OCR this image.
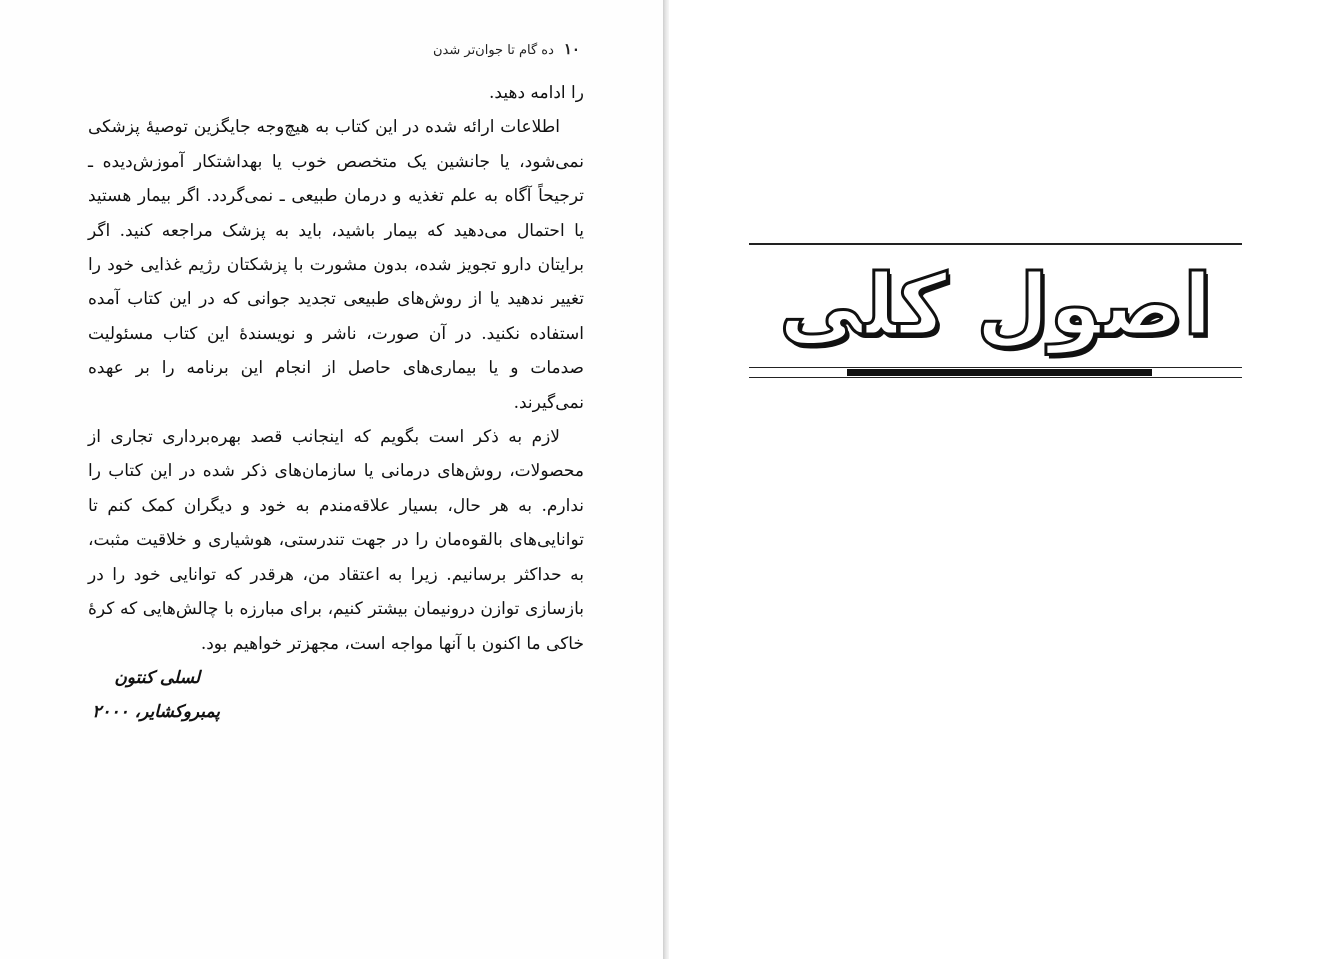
۱۰ده گام تا جوان‌تر شدن

را ادامه دهید.

اطلاعات ارائه شده در این کتاب به هیچ‌وجه جایگزین توصیهٔ پزشکی نمی‌شود، یا جانشین یک متخصص خوب یا بهداشتکار آموزش‌دیده ـ ترجیحاً آگاه به علم تغذیه و درمان طبیعی ـ نمی‌گردد. اگر بیمار هستید یا احتمال می‌دهید که بیمار باشید، باید به پزشک مراجعه کنید. اگر برایتان دارو تجویز شده، بدون مشورت با پزشکتان رژیم غذایی خود را تغییر ندهید یا از روش‌های طبیعی تجدید جوانی که در این کتاب آمده استفاده نکنید. در آن صورت، ناشر و نویسندهٔ این کتاب مسئولیت صدمات و یا بیماری‌های حاصل از انجام این برنامه را بر عهده نمی‌گیرند.

لازم به ذکر است بگویم که اینجانب قصد بهره‌برداری تجاری از محصولات، روش‌های درمانی یا سازمان‌های ذکر شده در این کتاب را ندارم. به هر حال، بسیار علاقه‌مندم به خود و دیگران کمک کنم تا توانایی‌های بالقوه‌مان را در جهت تندرستی، هوشیاری و خلاقیت مثبت، به حداکثر برسانیم. زیرا به اعتقاد من، هرقدر که توانایی خود را در بازسازی توازن درونیمان بیشتر کنیم، برای مبارزه با چالش‌هایی که کرهٔ خاکی ما اکنون با آنها مواجه است، مجهزتر خواهیم بود.

لسلی کنتون
پمبروکشایر، ۲۰۰۰
اصول کلی
